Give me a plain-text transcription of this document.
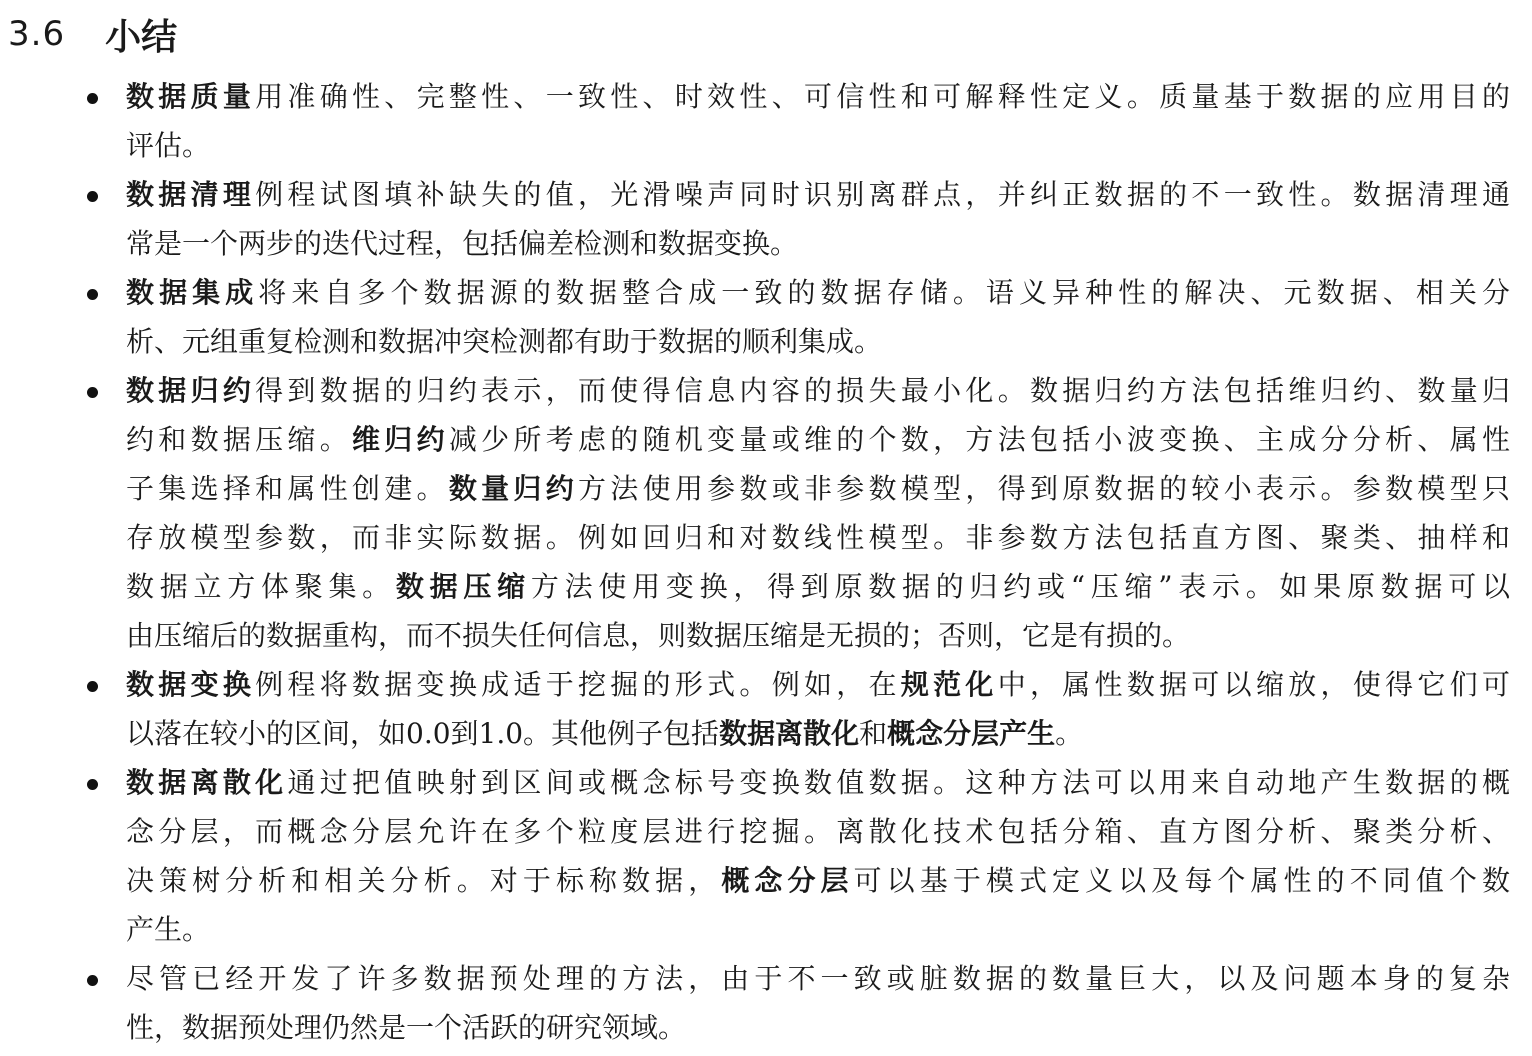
3.6 小结
数据质量用准确性、完整性、一致性、时效性、可信性和可解释性定义。质量基于数据的应用目的
评估。
数据清理例程试图填补缺失的值，光滑噪声同时识别离群点，并纠正数据的不一致性。数据清理通
常是一个两步的迭代过程，包括偏差检测和数据变换。
数据集成将来自多个数据源的数据整合成一致的数据存储。语义异种性的解决、元数据、相关分
析、元组重复检测和数据冲突检测都有助于数据的顺利集成。
数据归约得到数据的归约表示，而使得信息内容的损失最小化。数据归约方法包括维归约、数量归
约和数据压缩。维归约减少所考虑的随机变量或维的个数，方法包括小波变换、主成分分析、属性
子集选择和属性创建。数量归约方法使用参数或非参数模型，得到原数据的较小表示。参数模型只
存放模型参数，而非实际数据。例如回归和对数线性模型。非参数方法包括直方图、聚类、抽样和
数据立方体聚集。数据压缩方法使用变换，得到原数据的归约或“压缩”表示。如果原数据可以
由压缩后的数据重构，而不损失任何信息，则数据压缩是无损的；否则，它是有损的。
数据变换例程将数据变换成适于挖掘的形式。例如，在规范化中，属性数据可以缩放，使得它们可
以落在较小的区间，如0.0到1.0。其他例子包括数据离散化和概念分层产生。
数据离散化通过把值映射到区间或概念标号变换数值数据。这种方法可以用来自动地产生数据的概
念分层，而概念分层允许在多个粒度层进行挖掘。离散化技术包括分箱、直方图分析、聚类分析、
决策树分析和相关分析。对于标称数据，概念分层可以基于模式定义以及每个属性的不同值个数
产生。
尽管已经开发了许多数据预处理的方法，由于不一致或脏数据的数量巨大，以及问题本身的复杂
性，数据预处理仍然是一个活跃的研究领域。
